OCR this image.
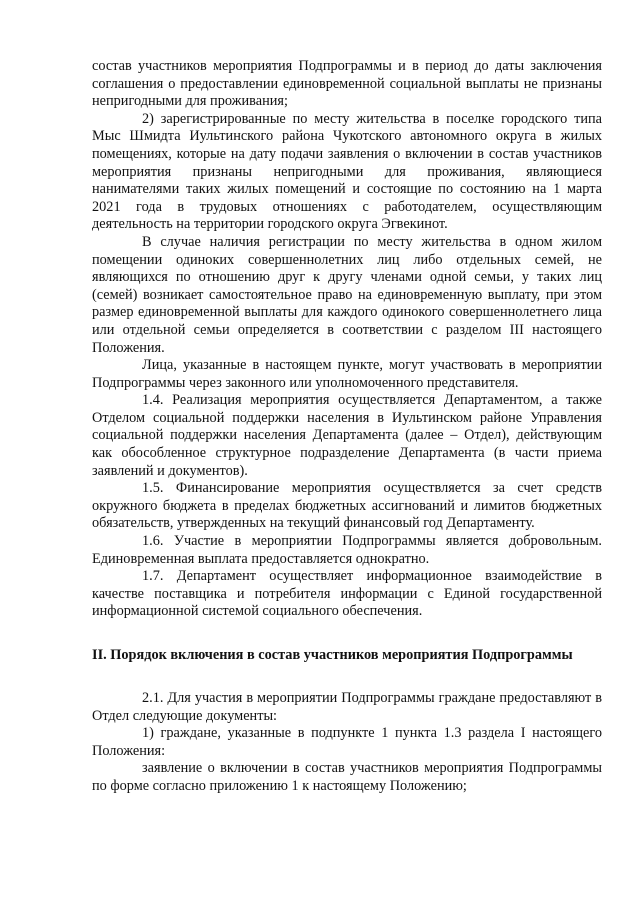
состав участников мероприятия Подпрограммы и в период до даты заключения соглашения о предоставлении единовременной социальной выплаты не признаны непригодными для проживания;

2) зарегистрированные по месту жительства в поселке городского типа Мыс Шмидта Иультинского района Чукотского автономного округа в жилых помещениях, которые на дату подачи заявления о включении в состав участников мероприятия признаны непригодными для проживания, являющиеся нанимателями таких жилых помещений и состоящие по состоянию на 1 марта 2021 года в трудовых отношениях с работодателем, осуществляющим деятельность на территории городского округа Эгвекинот.

В случае наличия регистрации по месту жительства в одном жилом помещении одиноких совершеннолетних лиц либо отдельных семей, не являющихся по отношению друг к другу членами одной семьи, у таких лиц (семей) возникает самостоятельное право на единовременную выплату, при этом размер единовременной выплаты для каждого одинокого совершеннолетнего лица или отдельной семьи определяется в соответствии с разделом III настоящего Положения.

Лица, указанные в настоящем пункте, могут участвовать в мероприятии Подпрограммы через законного или уполномоченного представителя.

1.4. Реализация мероприятия осуществляется Департаментом, а также Отделом социальной поддержки населения в Иультинском районе Управления социальной поддержки населения Департамента (далее – Отдел), действующим как обособленное структурное подразделение Департамента (в части приема заявлений и документов).

1.5. Финансирование мероприятия осуществляется за счет средств окружного бюджета в пределах бюджетных ассигнований и лимитов бюджетных обязательств, утвержденных на текущий финансовый год Департаменту.

1.6. Участие в мероприятии Подпрограммы является добровольным. Единовременная выплата предоставляется однократно.

1.7. Департамент осуществляет информационное взаимодействие в качестве поставщика и потребителя информации с Единой государственной информационной системой социального обеспечения.

II. Порядок включения в состав участников мероприятия Подпрограммы

2.1. Для участия в мероприятии Подпрограммы граждане предоставляют в Отдел следующие документы:

1) граждане, указанные в подпункте 1 пункта 1.3 раздела I настоящего Положения:

заявление о включении в состав участников мероприятия Подпрограммы по форме согласно приложению 1 к настоящему Положению;
